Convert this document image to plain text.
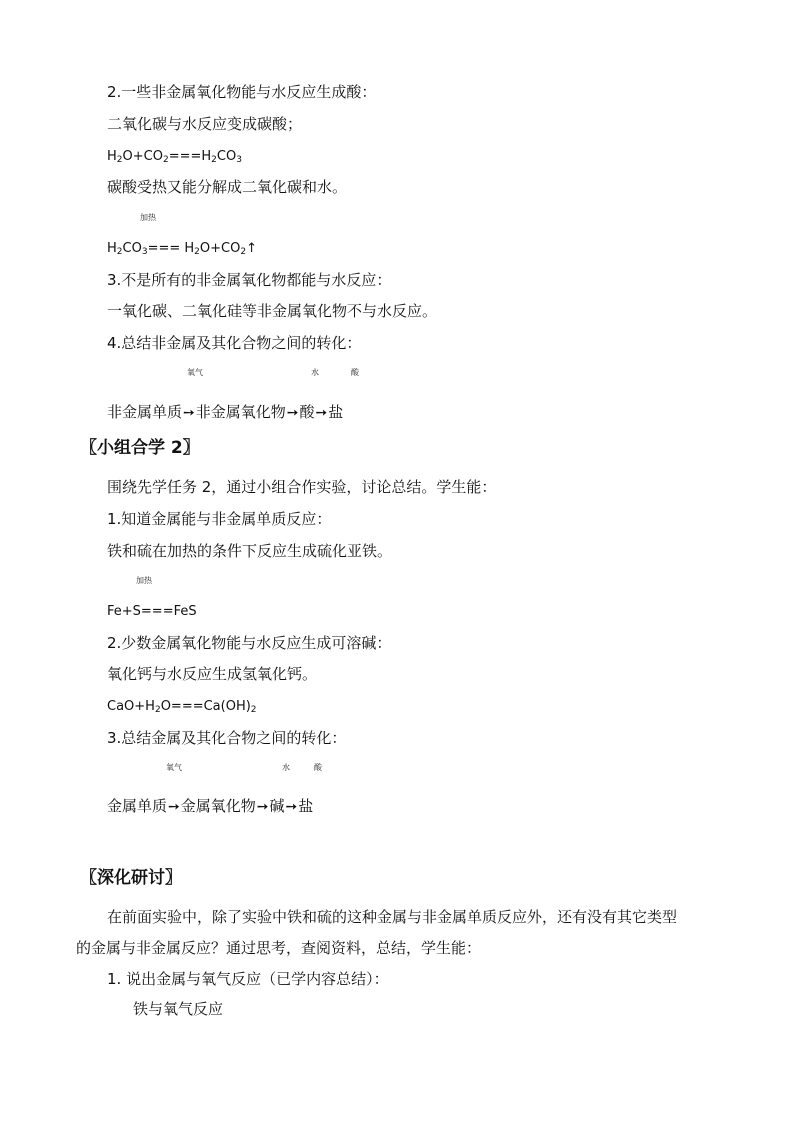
2.一些非金属氧化物能与水反应生成酸：
二氧化碳与水反应变成碳酸；
$H_2O+CO_2===H_2CO_3$
碳酸受热又能分解成二氧化碳和水。
加热
$H_2CO_3===$ $H_2O+CO_2↑$
3.不是所有的非金属氧化物都能与水反应：
一氧化碳、二氧化硅等非金属氧化物不与水反应。
4.总结非金属及其化合物之间的转化：
氧气	水	酸
非金属单质➙非金属氧化物➙酸➙盐
〖小组合学 2〗
围绕先学任务 2，通过小组合作实验，讨论总结。学生能：
1.知道金属能与非金属单质反应：
铁和硫在加热的条件下反应生成硫化亚铁。
加热
Fe+S===FeS
2.少数金属氧化物能与水反应生成可溶碱：
氧化钙与水反应生成氢氧化钙。
$CaO+H_2O===Ca(OH)_2$
3.总结金属及其化合物之间的转化：
氧气	水	酸
金属单质➙金属氧化物➙碱➙盐
〖深化研讨〗
在前面实验中，除了实验中铁和硫的这种金属与非金属单质反应外，还有没有其它类型
的金属与非金属反应？通过思考，查阅资料，总结，学生能：
1. 说出金属与氧气反应（已学内容总结）：
铁与氧气反应
